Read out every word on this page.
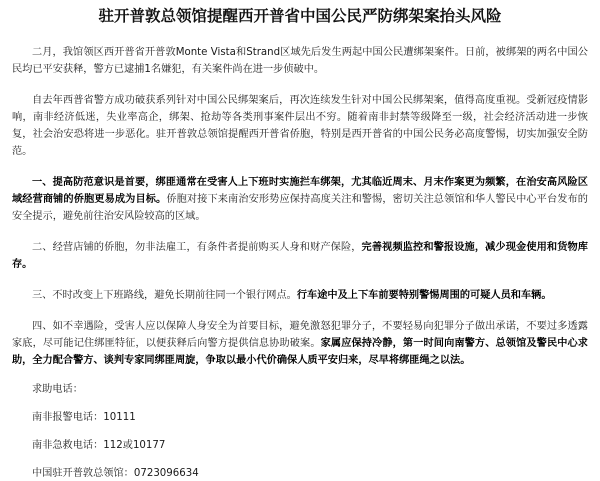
驻开普敦总领馆提醒西开普省中国公民严防绑架案抬头风险

二月，我馆领区西开普省开普敦Monte Vista和Strand区域先后发生两起中国公民遭绑架案件。日前，被绑架的两名中国公民均已平安获释，警方已逮捕1名嫌犯，有关案件尚在进一步侦破中。

自去年西普省警方成功破获系列针对中国公民绑架案后，再次连续发生针对中国公民绑架案，值得高度重视。受新冠疫情影响，南非经济低迷，失业率高企，绑架、抢劫等各类刑事案件层出不穷。随着南非封禁等级降至一级，社会经济活动进一步恢复，社会治安恐将进一步恶化。驻开普敦总领馆提醒西开普省侨胞，特别是西开普省的中国公民务必高度警惕，切实加强安全防范。

一、提高防范意识是首要，绑匪通常在受害人上下班时实施拦车绑架，尤其临近周末、月末作案更为频繁，在治安高风险区域经营商铺的侨胞更易成为目标。侨胞对接下来南治安形势应保持高度关注和警惕，密切关注总领馆和华人警民中心平台发布的安全提示，避免前往治安风险较高的区域。

二、经营店铺的侨胞，勿非法雇工，有条件者提前购买人身和财产保险，完善视频监控和警报设施，减少现金使用和货物库存。

三、不时改变上下班路线，避免长期前往同一个银行网点。行车途中及上下车前要特别警惕周围的可疑人员和车辆。

四、如不幸遇险，受害人应以保障人身安全为首要目标，避免激怒犯罪分子，不要轻易向犯罪分子做出承诺，不要过多透露家底，尽可能记住绑匪特征，以便获释后向警方提供信息协助破案。家属应保持冷静，第一时间向南警方、总领馆及警民中心求助，全力配合警方、谈判专家同绑匪周旋，争取以最小代价确保人质平安归来，尽早将绑匪绳之以法。

求助电话：
南非报警电话：10111
南非急救电话：112或10177
中国驻开普敦总领馆：0723096634
